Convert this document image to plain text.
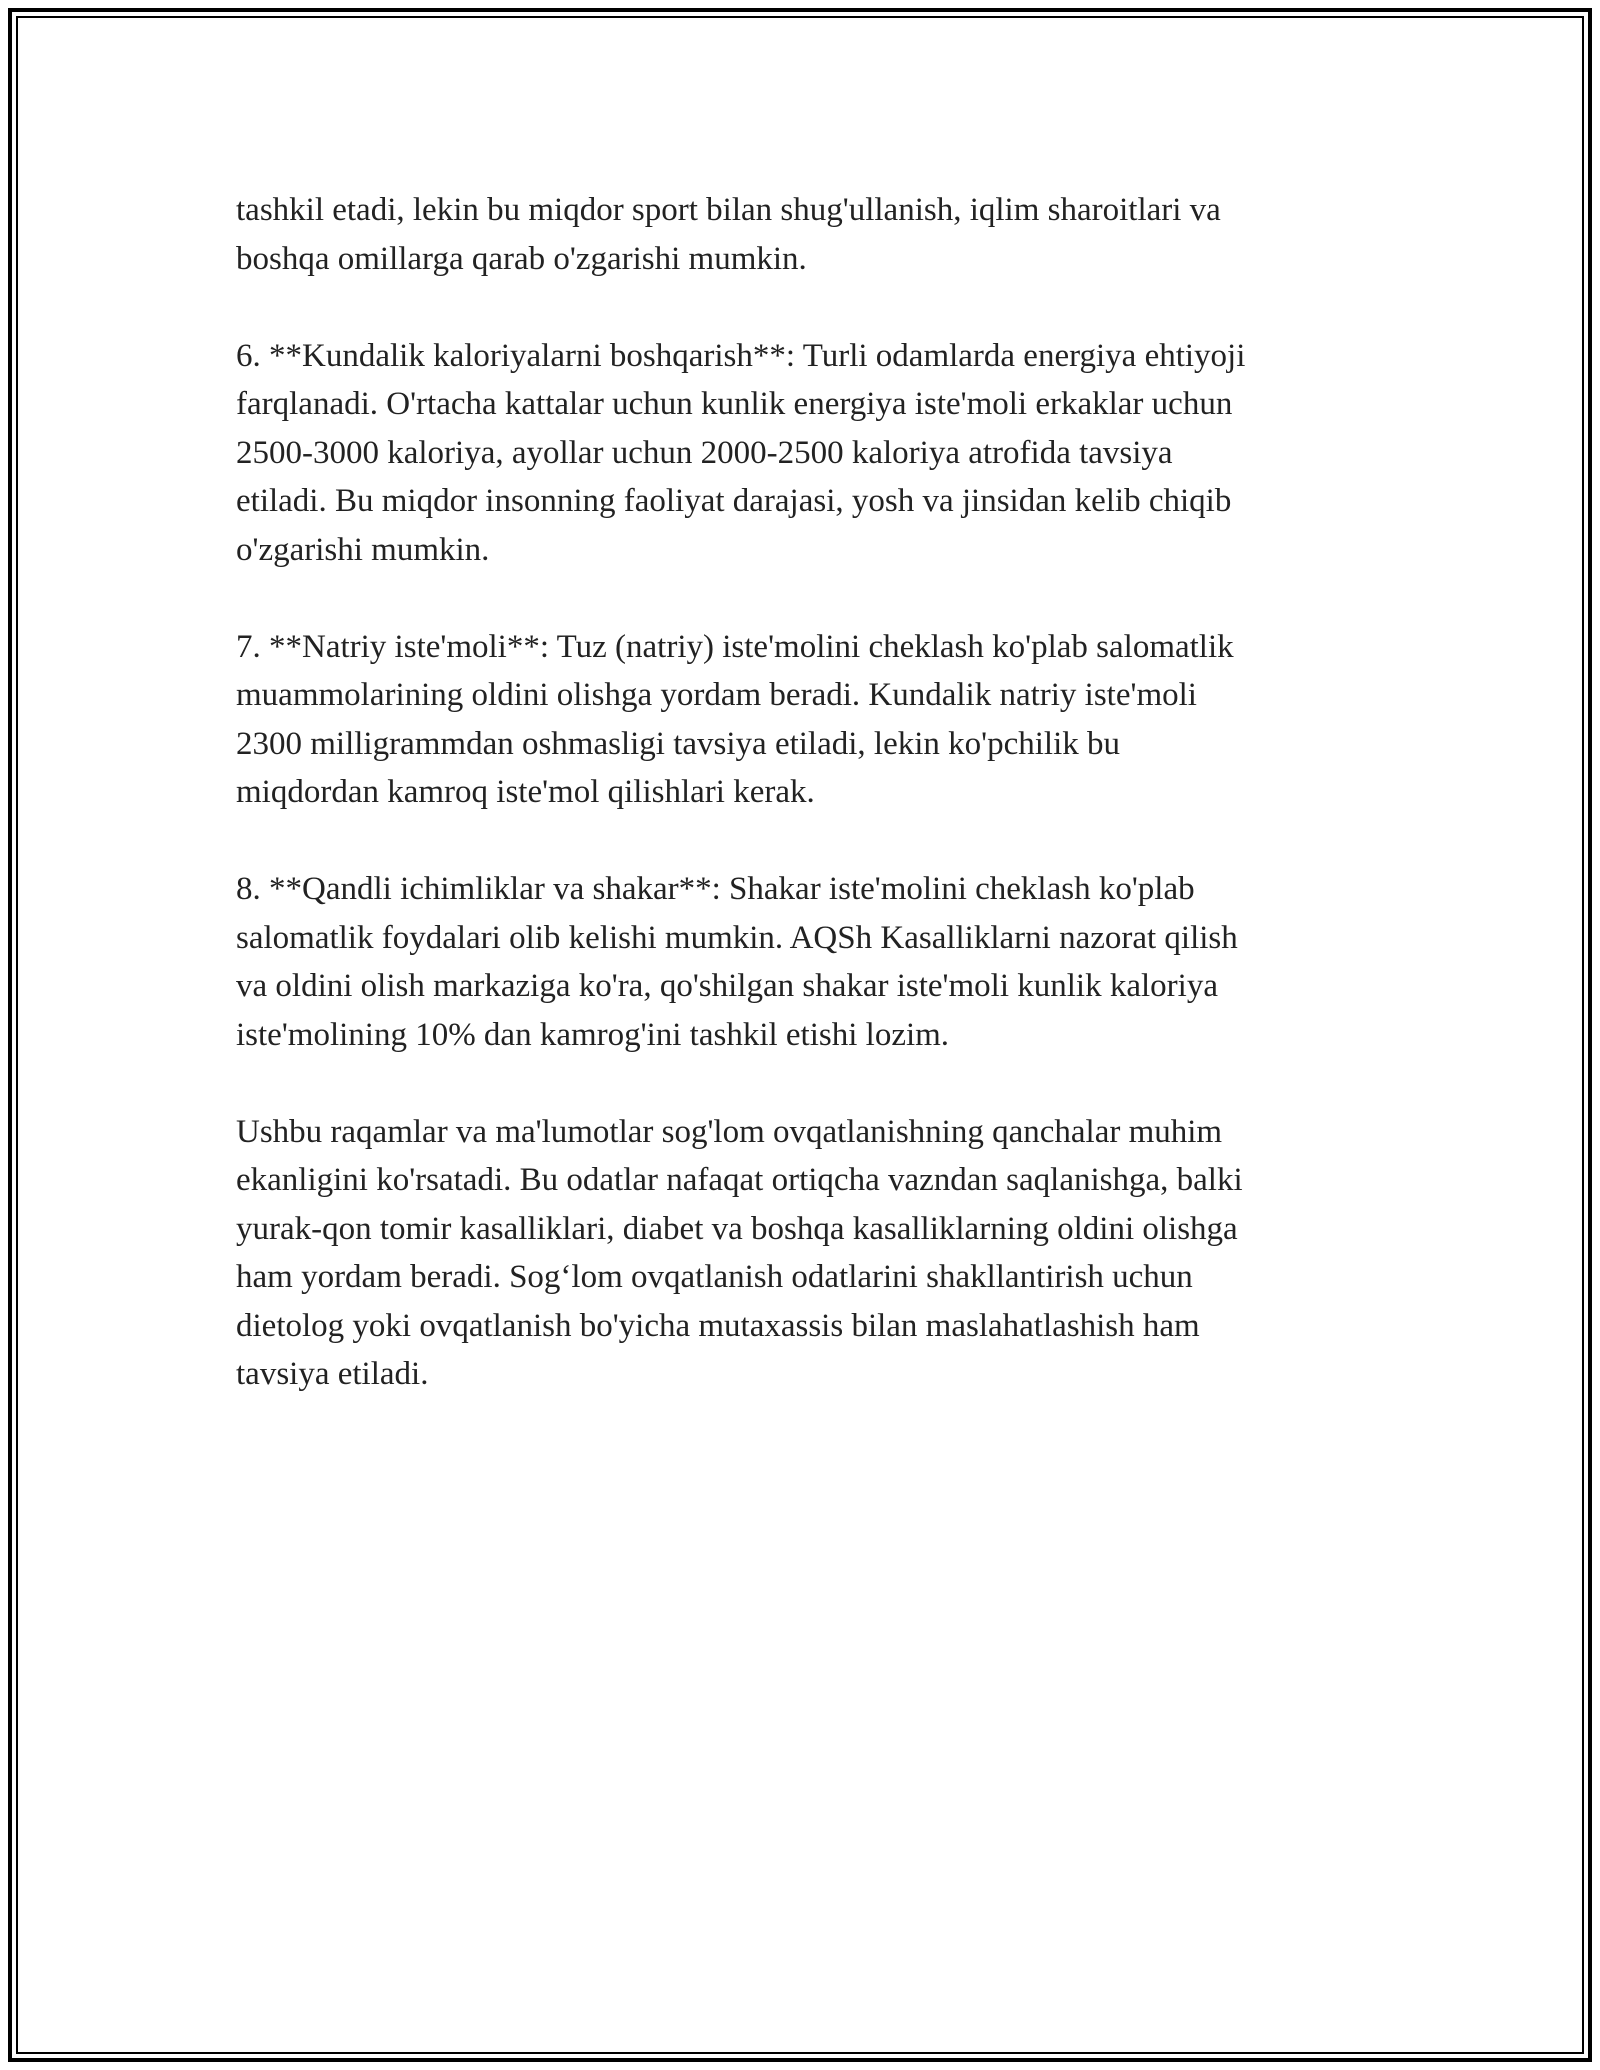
tashkil etadi, lekin bu miqdor sport bilan shug'ullanish, iqlim sharoitlari va
boshqa omillarga qarab o'zgarishi mumkin.

6. **Kundalik kaloriyalarni boshqarish**: Turli odamlarda energiya ehtiyoji
farqlanadi. O'rtacha kattalar uchun kunlik energiya iste'moli erkaklar uchun
2500-3000 kaloriya, ayollar uchun 2000-2500 kaloriya atrofida tavsiya
etiladi. Bu miqdor insonning faoliyat darajasi, yosh va jinsidan kelib chiqib
o'zgarishi mumkin.

7. **Natriy iste'moli**: Tuz (natriy) iste'molini cheklash ko'plab salomatlik
muammolarining oldini olishga yordam beradi. Kundalik natriy iste'moli
2300 milligrammdan oshmasligi tavsiya etiladi, lekin ko'pchilik bu
miqdordan kamroq iste'mol qilishlari kerak.

8. **Qandli ichimliklar va shakar**: Shakar iste'molini cheklash ko'plab
salomatlik foydalari olib kelishi mumkin. AQSh Kasalliklarni nazorat qilish
va oldini olish markaziga ko'ra, qo'shilgan shakar iste'moli kunlik kaloriya
iste'molining 10% dan kamrog'ini tashkil etishi lozim.

Ushbu raqamlar va ma'lumotlar sog'lom ovqatlanishning qanchalar muhim
ekanligini ko'rsatadi. Bu odatlar nafaqat ortiqcha vazndan saqlanishga, balki
yurak-qon tomir kasalliklari, diabet va boshqa kasalliklarning oldini olishga
ham yordam beradi. Sog‘lom ovqatlanish odatlarini shakllantirish uchun
dietolog yoki ovqatlanish bo'yicha mutaxassis bilan maslahatlashish ham
tavsiya etiladi.
